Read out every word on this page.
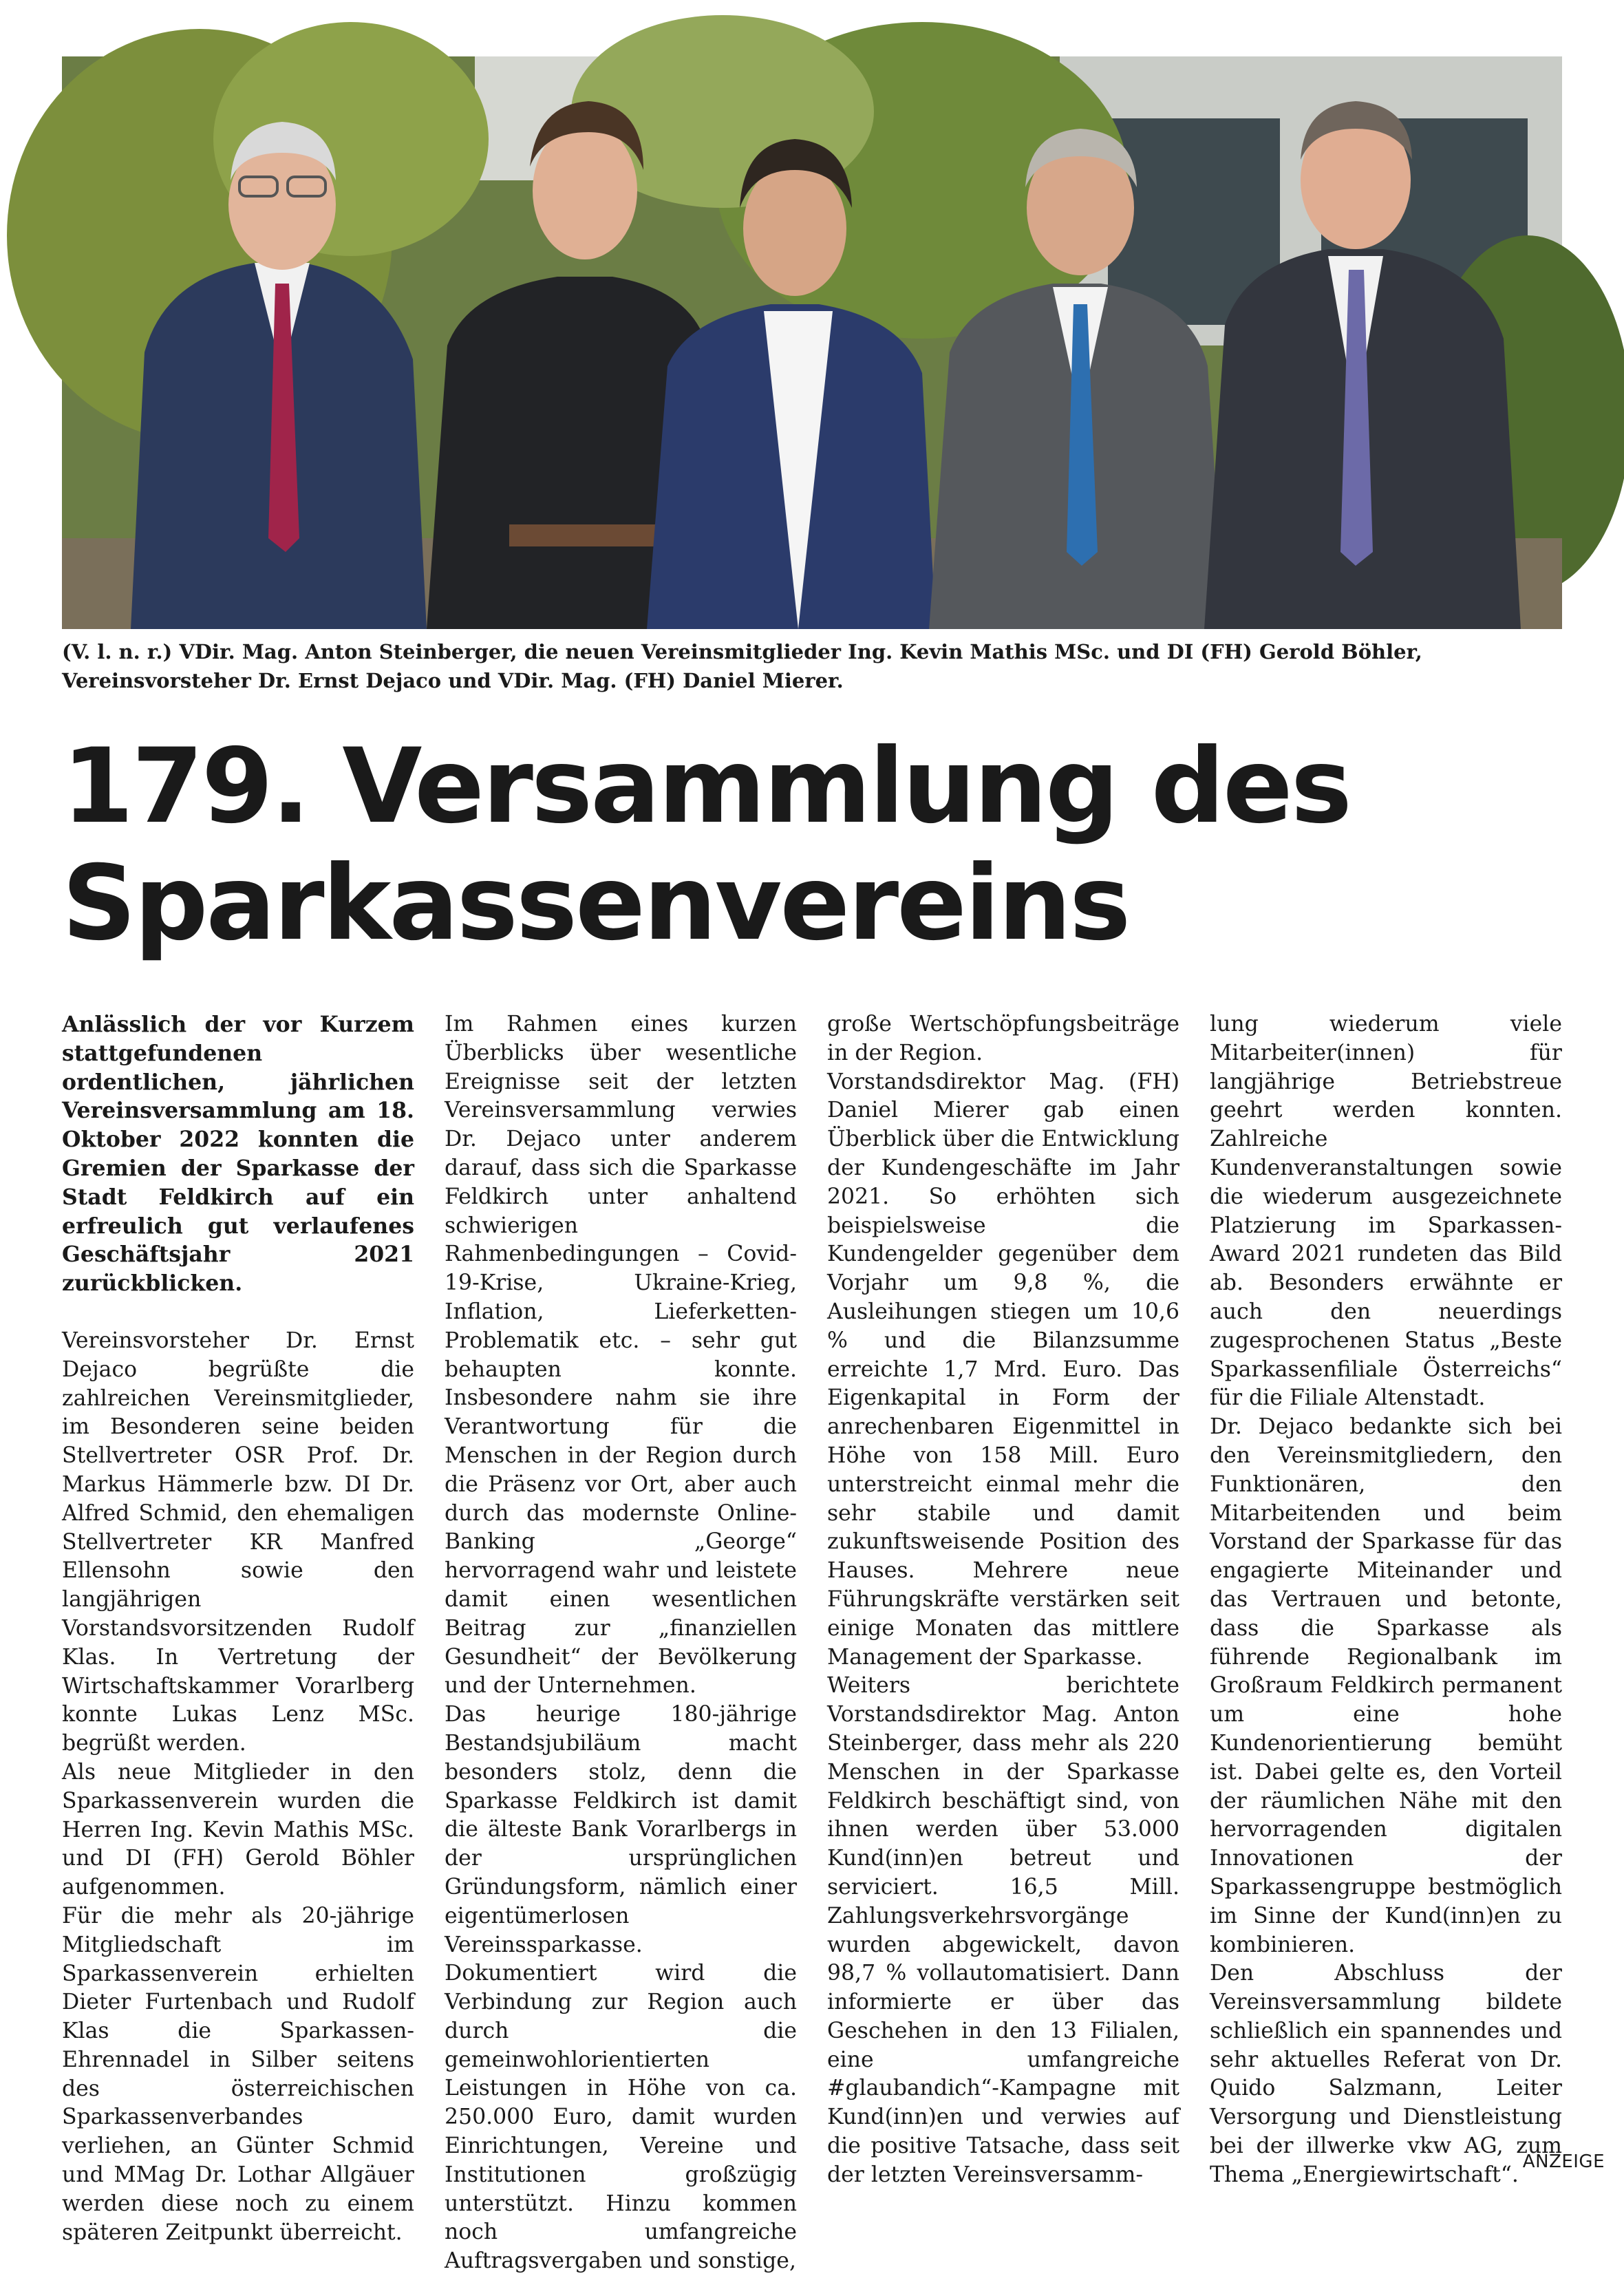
(V. l. n. r.) VDir. Mag. Anton Steinberger, die neuen Vereinsmitglieder Ing. Kevin Mathis MSc. und DI (FH) Gerold Böhler, Vereinsvorsteher Dr. Ernst Dejaco und VDir. Mag. (FH) Daniel Mierer.
179. Versammlung des
Sparkassenvereins

Anlässlich der vor Kurzem stattgefundenen ordentlichen, jährlichen Vereinsversammlung am 18. Oktober 2022 konnten die Gremien der Sparkasse der Stadt Feldkirch auf ein erfreulich gut verlaufenes Geschäftsjahr 2021 zurückblicken.

Vereinsvorsteher Dr. Ernst Dejaco begrüßte die zahlreichen Vereinsmitglieder, im Besonderen seine beiden Stellvertreter OSR Prof. Dr. Markus Hämmerle bzw. DI Dr. Alfred Schmid, den ehemaligen Stellvertreter KR Manfred Ellensohn sowie den langjährigen Vorstandsvorsitzenden Rudolf Klas. In Vertretung der Wirtschaftskammer Vorarlberg konnte Lukas Lenz MSc. begrüßt werden.

Als neue Mitglieder in den Sparkassenverein wurden die Herren Ing. Kevin Mathis MSc. und DI (FH) Gerold Böhler aufgenommen.

Für die mehr als 20-jährige Mitgliedschaft im Sparkassenverein erhielten Dieter Furtenbach und Rudolf Klas die Sparkassen-Ehrennadel in Silber seitens des österreichischen Sparkassenverbandes verliehen, an Günter Schmid und MMag Dr. Lothar Allgäuer werden diese noch zu einem späteren Zeitpunkt überreicht.

Im Rahmen eines kurzen Überblicks über wesentliche Ereignisse seit der letzten Vereinsversammlung verwies Dr. Dejaco unter anderem darauf, dass sich die Sparkasse Feldkirch unter anhaltend schwierigen Rahmenbedingungen – Covid-19-Krise, Ukraine-Krieg, Inflation, Lieferketten-Problematik etc. – sehr gut behaupten konnte. Insbesondere nahm sie ihre Verantwortung für die Menschen in der Region durch die Präsenz vor Ort, aber auch durch das modernste Online-Banking „George“ hervorragend wahr und leistete damit einen wesentlichen Beitrag zur „finanziellen Gesundheit“ der Bevölkerung und der Unternehmen.

Das heurige 180-jährige Bestandsjubiläum macht besonders stolz, denn die Sparkasse Feldkirch ist damit die älteste Bank Vorarlbergs in der ursprünglichen Gründungsform, nämlich einer eigentümerlosen Vereinssparkasse. Dokumentiert wird die Verbindung zur Region auch durch die gemeinwohlorientierten Leistungen in Höhe von ca. 250.000 Euro, damit wurden Einrichtungen, Vereine und Institutionen großzügig unterstützt. Hinzu kommen noch umfangreiche Auftragsvergaben und sonstige,

große Wertschöpfungsbeiträge in der Region.

Vorstandsdirektor Mag. (FH) Daniel Mierer gab einen Überblick über die Entwicklung der Kundengeschäfte im Jahr 2021. So erhöhten sich beispielsweise die Kundengelder gegenüber dem Vorjahr um 9,8 %, die Ausleihungen stiegen um 10,6 % und die Bilanzsumme erreichte 1,7 Mrd. Euro. Das Eigenkapital in Form der anrechenbaren Eigenmittel in Höhe von 158 Mill. Euro unterstreicht einmal mehr die sehr stabile und damit zukunftsweisende Position des Hauses. Mehrere neue Führungskräfte verstärken seit einige Monaten das mittlere Management der Sparkasse.

Weiters berichtete Vorstandsdirektor Mag. Anton Steinberger, dass mehr als 220 Menschen in der Sparkasse Feldkirch beschäftigt sind, von ihnen werden über 53.000 Kund(inn)en betreut und serviciert. 16,5 Mill. Zahlungsverkehrsvorgänge wurden abgewickelt, davon 98,7 % vollautomatisiert. Dann informierte er über das Geschehen in den 13 Filialen, eine umfangreiche #glaubandich“-Kampagne mit Kund(inn)en und verwies auf die positive Tatsache, dass seit der letzten Vereinsversamm-

lung wiederum viele Mitarbeiter(innen) für langjährige Betriebstreue geehrt werden konnten. Zahlreiche Kundenveranstaltungen sowie die wiederum ausgezeichnete Platzierung im Sparkassen-Award 2021 rundeten das Bild ab. Besonders erwähnte er auch den neuerdings zugesprochenen Status „Beste Sparkassenfiliale Österreichs“ für die Filiale Altenstadt.

Dr. Dejaco bedankte sich bei den Vereinsmitgliedern, den Funktionären, den Mitarbeitenden und beim Vorstand der Sparkasse für das engagierte Miteinander und das Vertrauen und betonte, dass die Sparkasse als führende Regionalbank im Großraum Feldkirch permanent um eine hohe Kundenorientierung bemüht ist. Dabei gelte es, den Vorteil der räumlichen Nähe mit den hervorragenden digitalen Innovationen der Sparkassengruppe bestmöglich im Sinne der Kund(inn)en zu kombinieren.

Den Abschluss der Vereinsversammlung bildete schließlich ein spannendes und sehr aktuelles Referat von Dr. Quido Salzmann, Leiter Versorgung und Dienstleistung bei der illwerke vkw AG, zum Thema „Energiewirtschaft“.

ANZEIGE
